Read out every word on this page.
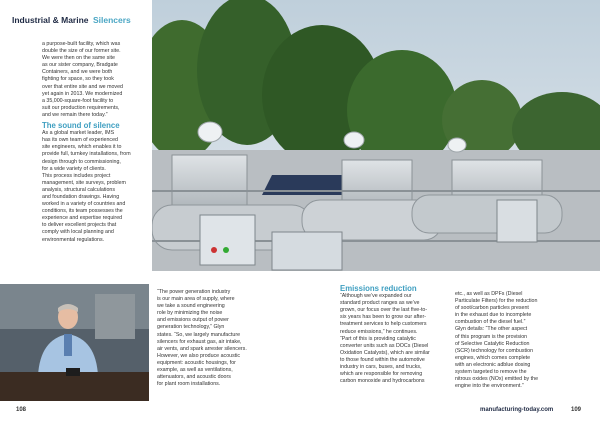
Industrial & Marine Silencers

a purpose-built facility, which was
double the size of our former site.
We were then on the same site
as our sister company, Bradgate
Containers, and we were both
fighting for space, so they took
over that entire site and we moved
yet again in 2013. We modernized
a 35,000-square-foot facility to
suit our production requirements,
and we remain there today.”

The sound of silence

As a global market leader, IMS
has its own team of experienced
site engineers, which enables it to
provide full, turnkey installations, from
design through to commissioning,
for a wide variety of clients.
This process includes project
management, site surveys, problem
analysis, structural calculations
and foundation drawings. Having
worked in a variety of countries and
conditions, its team possesses the
experience and expertise required
to deliver excellent projects that
comply with local planning and
environmental regulations.

“The power generation industry
is our main area of supply, where
we take a sound engineering
role by minimizing the noise
and emissions output of power
generation technology,” Glyn
states. “So, we largely manufacture
silencers for exhaust gas, air intake,
air vents, and spark arrester silencers.
However, we also produce acoustic
equipment: acoustic housings, for
example, as well as ventilations,
attenuators, and acoustic doors
for plant room installations.

Emissions reduction

“Although we’ve expanded our
standard product ranges as we’ve
grown, our focus over the last five-to-
six years has been to grow our after-
treatment services to help customers
reduce emissions,” he continues.
“Part of this is providing catalytic
converter units such as DOCs (Diesel
Oxidation Catalysts), which are similar
to those found within the automotive
industry in cars, buses, and trucks,
which are responsible for removing
carbon monoxide and hydrocarbons

etc., as well as DPFs (Diesel
Particulate Filters) for the reduction
of soot/carbon particles present
in the exhaust due to incomplete
combustion of the diesel fuel.”
Glyn details: “The other aspect
of this program is the provision
of Selective Catalytic Reduction
(SCR) technology for combustion
engines, which comes complete
with an electronic adblue dosing
system targeted to remove the
nitrous oxides (NOx) emitted by the
engine into the environment.”

108	manufacturing-today.com	109
